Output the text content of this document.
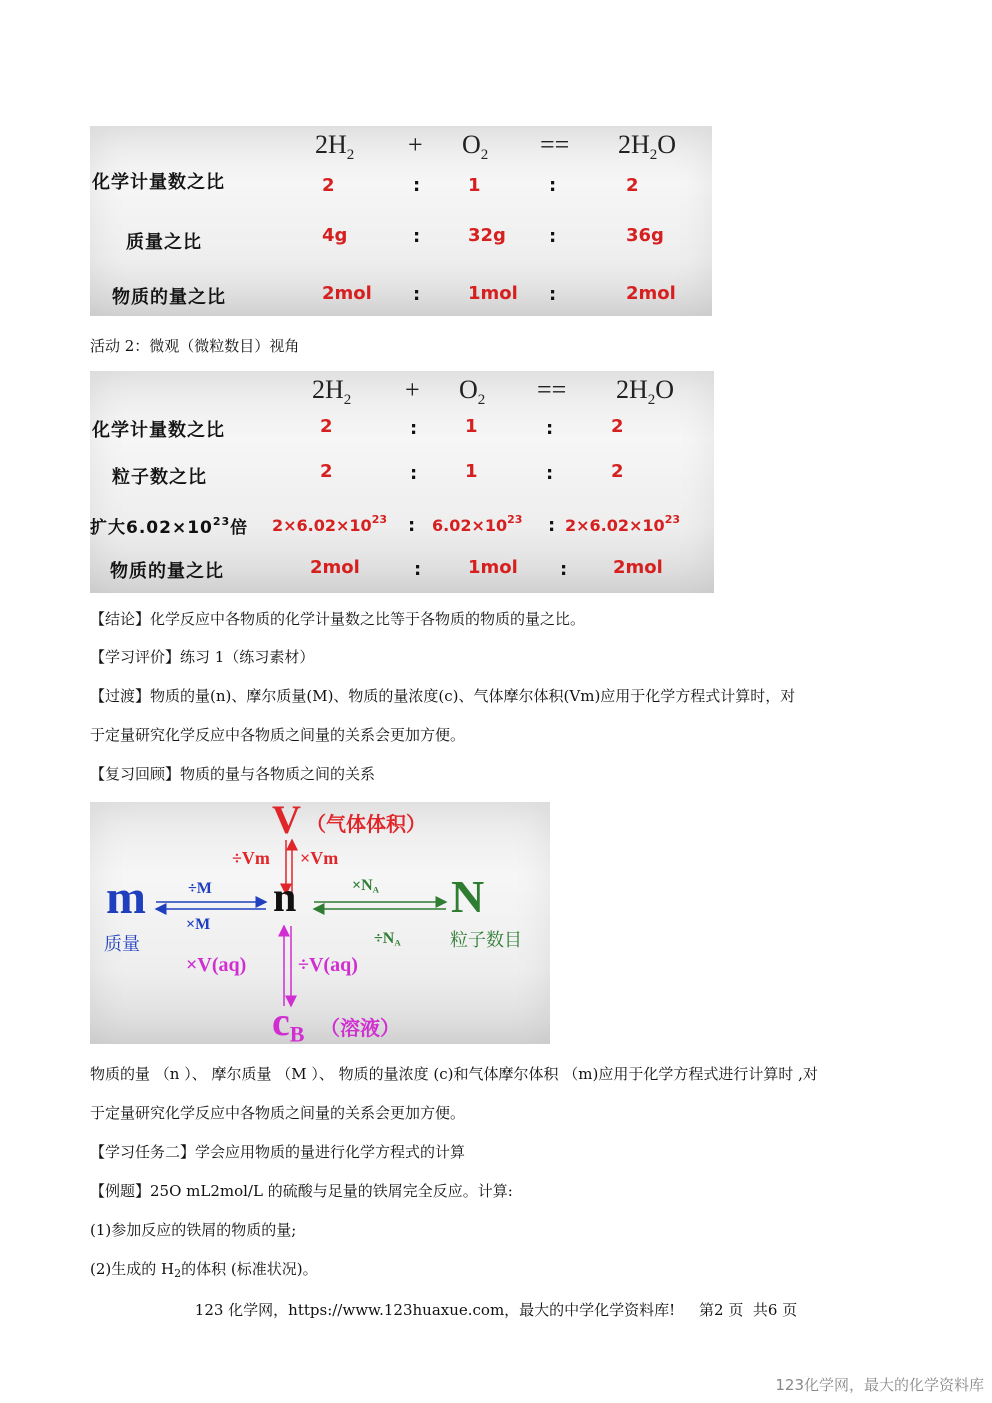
$2H_2 + O_2 == 2H_2O$
化学计量数之比	2	:	1	:	2
质量之比	4g	:	32g :	36g
物质的量之比	2mol :	1mol :	2mol
活动 2：微观（微粒数目）视角
$2H_2 + O_2 == 2H_2O$
化学计量数之比	2	:	1	:	2
粒子数之比	2	:	1	:	2
扩大$6.02\times 10^{23}$倍 $2\times 6.02\times 10^{23}$ : $6.02\times 10^{23}$ : $2\times 6.02\times 10^{23}$
物质的量之比	2mol	:	1mol :	2mol
【结论】化学反应中各物质的化学计量数之比等于各物质的物质的量之比。
【学习评价】练习 1（练习素材）
【过渡】物质的量(n)、摩尔质量(M)、物质的量浓度(c)、气体摩尔体积(Vm)应用于化学方程式计算时，对
于定量研究化学反应中各物质之间量的关系会更加方便。
【复习回顾】物质的量与各物质之间的关系
V （气体体积）
÷Vm ×Vm
m
质量
÷M
×M
n	$\times N_A$
$\div N_A$
N
粒子数目
×V(aq)	÷V(aq)
$c_B$ （溶液）
物质的量 （n ）、 摩尔质量 （M ）、 物质的量浓度 (c)和气体摩尔体积 （m)应用于化学方程式进行计算时 ,对
于定量研究化学反应中各物质之间量的关系会更加方便。
【学习任务二】学会应用物质的量进行化学方程式的计算
【例题】25O mL2mol/L 的硫酸与足量的铁屑完全反应。计算:
(1)参加反应的铁屑的物质的量;
(2)生成的 $H_2$的体积 (标准状况)。
123 化学网，https://www.123huaxue.com，最大的中学化学资料库!     第2 页  共6 页
123化学网，最大的化学资料库
